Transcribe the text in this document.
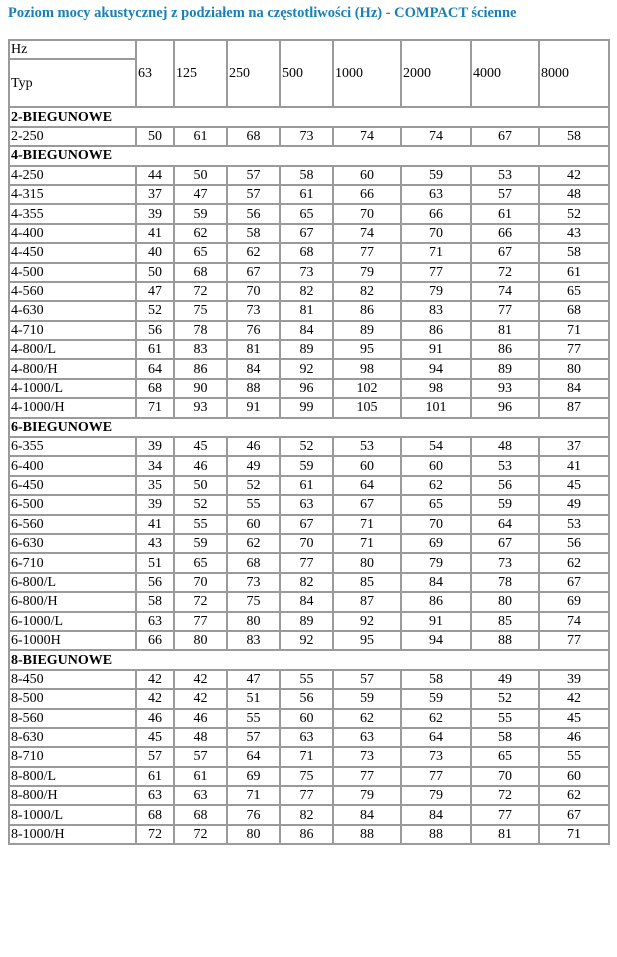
Poziom mocy akustycznej z podziałem na częstotliwości (Hz) - COMPACT ścienne
Hz	63	125	250	500	1000	2000	4000	8000
Typ								
2-BIEGUNOWE								
2-250	50	61	68	73	74	74	67	58
4-BIEGUNOWE								
4-250	44	50	57	58	60	59	53	42
4-315	37	47	57	61	66	63	57	48
4-355	39	59	56	65	70	66	61	52
4-400	41	62	58	67	74	70	66	43
4-450	40	65	62	68	77	71	67	58
4-500	50	68	67	73	79	77	72	61
4-560	47	72	70	82	82	79	74	65
4-630	52	75	73	81	86	83	77	68
4-710	56	78	76	84	89	86	81	71
4-800/L	61	83	81	89	95	91	86	77
4-800/H	64	86	84	92	98	94	89	80
4-1000/L	68	90	88	96	102	98	93	84
4-1000/H	71	93	91	99	105	101	96	87
6-BIEGUNOWE								
6-355	39	45	46	52	53	54	48	37
6-400	34	46	49	59	60	60	53	41
6-450	35	50	52	61	64	62	56	45
6-500	39	52	55	63	67	65	59	49
6-560	41	55	60	67	71	70	64	53
6-630	43	59	62	70	71	69	67	56
6-710	51	65	68	77	80	79	73	62
6-800/L	56	70	73	82	85	84	78	67
6-800/H	58	72	75	84	87	86	80	69
6-1000/L	63	77	80	89	92	91	85	74
6-1000H	66	80	83	92	95	94	88	77
8-BIEGUNOWE								
8-450	42	42	47	55	57	58	49	39
8-500	42	42	51	56	59	59	52	42
8-560	46	46	55	60	62	62	55	45
8-630	45	48	57	63	63	64	58	46
8-710	57	57	64	71	73	73	65	55
8-800/L	61	61	69	75	77	77	70	60
8-800/H	63	63	71	77	79	79	72	62
8-1000/L	68	68	76	82	84	84	77	67
8-1000/H	72	72	80	86	88	88	81	71
